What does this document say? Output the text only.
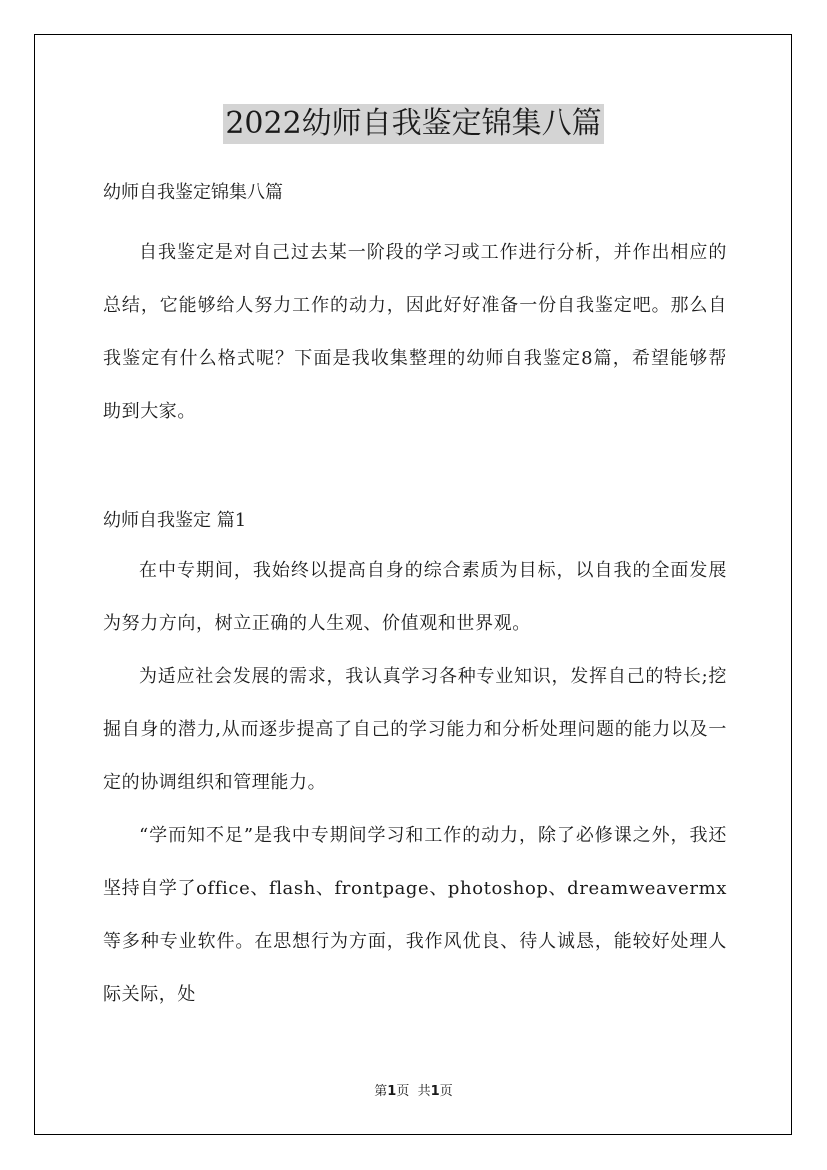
2022幼师自我鉴定锦集八篇

幼师自我鉴定锦集八篇

自我鉴定是对自己过去某一阶段的学习或工作进行分析，并作出相应的总结，它能够给人努力工作的动力，因此好好准备一份自我鉴定吧。那么自我鉴定有什么格式呢？下面是我收集整理的幼师自我鉴定8篇，希望能够帮助到大家。

幼师自我鉴定 篇1

在中专期间，我始终以提高自身的综合素质为目标，以自我的全面发展为努力方向，树立正确的人生观、价值观和世界观。

为适应社会发展的需求，我认真学习各种专业知识，发挥自己的特长;挖掘自身的潜力,从而逐步提高了自己的学习能力和分析处理问题的能力以及一定的协调组织和管理能力。

“学而知不足”是我中专期间学习和工作的动力，除了必修课之外，我还坚持自学了office、flash、frontpage、photoshop、dreamweavermx等多种专业软件。在思想行为方面，我作风优良、待人诚恳，能较好处理人际关际，处

第1页 共1页
